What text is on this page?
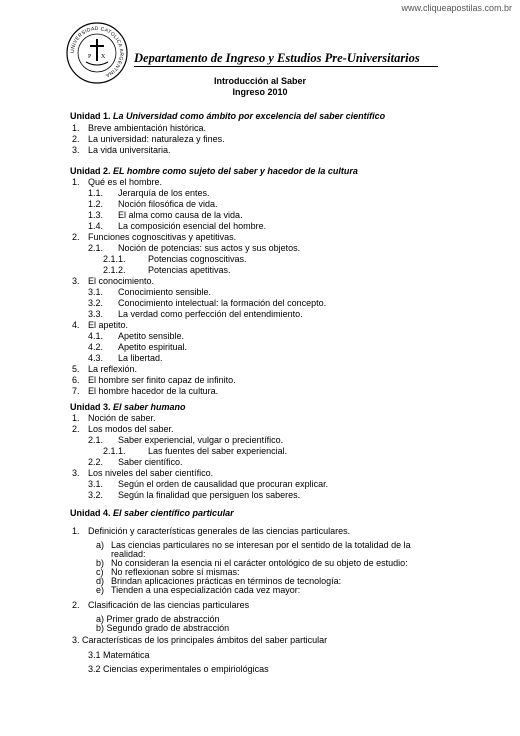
www.cliqueapostilas.com.br
UNIVERSIDAD CATOLICA ARGENTINA
P X Departamento de Ingreso y Estudios Pre-Universitarios
Introducción al Saber
Ingreso 2010
Unidad 1. La Universidad como ámbito por excelencia del saber científico
1. Breve ambientación histórica.
2. La universidad: naturaleza y fines.
3. La vida universitaria.
Unidad 2. EL hombre como sujeto del saber y hacedor de la cultura
1. Qué es el hombre.
1.1. Jerarquía de los entes.
1.2. Noción filosófica de vida.
1.3. El alma como causa de la vida.
1.4. La composición esencial del hombre.
2. Funciones cognoscitivas y apetitivas.
2.1. Noción de potencias: sus actos y sus objetos.
2.1.1. Potencias cognoscitivas.
2.1.2. Potencias apetitivas.
3. El conocimiento.
3.1. Conocimiento sensible.
3.2. Conocimiento intelectual: la formación del concepto.
3.3. La verdad como perfección del entendimiento.
4. El apetito.
4.1. Apetito sensible.
4.2. Apetito espiritual.
4.3. La libertad.
5. La reflexión.
6. El hombre ser finito capaz de infinito.
7. El hombre hacedor de la cultura.
Unidad 3. El saber humano
1. Noción de saber.
2. Los modos del saber.
2.1. Saber experiencial, vulgar o precientífico.
2.1.1. Las fuentes del saber experiencial.
2.2. Saber científico.
3. Los niveles del saber científico.
3.1. Según el orden de causalidad que procuran explicar.
3.2. Según la finalidad que persiguen los saberes.
Unidad 4. El saber científico particular
1. Definición y características generales de las ciencias particulares.
a) Las ciencias particulares no se interesan por el sentido de la totalidad de la
realidad:
b) No consideran la esencia ni el carácter ontológico de su objeto de estudio:
c) No reflexionan sobre sí mismas:
d) Brindan aplicaciones prácticas en términos de tecnología:
e) Tienden a una especialización cada vez mayor:
2. Clasificación de las ciencias particulares
a) Primer grado de abstracción
b) Segundo grado de abstracción
3. Características de los principales ámbitos del saber particular
3.1 Matemática
3.2 Ciencias experimentales o empiriológicas
